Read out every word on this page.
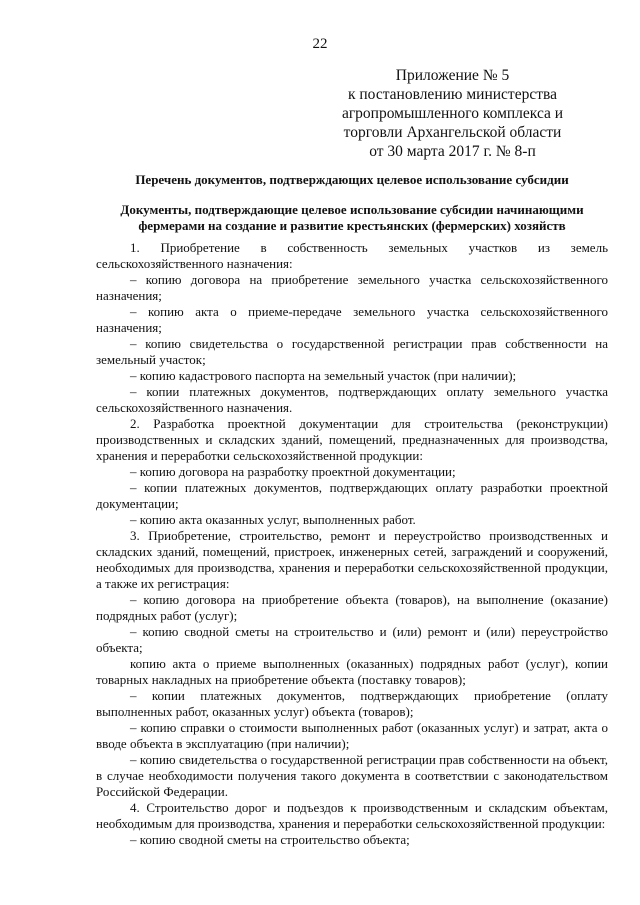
22
Приложение № 5
к постановлению министерства
агропромышленного комплекса и
торговли Архангельской области
от 30 марта 2017 г. № 8-п
Перечень документов, подтверждающих целевое использование субсидии
Документы, подтверждающие целевое использование субсидии начинающими фермерами на создание и развитие крестьянских (фермерских) хозяйств

1. Приобретение в собственность земельных участков из земель сельскохозяйственного назначения:

– копию договора на приобретение земельного участка сельскохозяйственного назначения;

– копию акта о приеме-передаче земельного участка сельскохозяйственного назначения;

– копию свидетельства о государственной регистрации прав собственности на земельный участок;

– копию кадастрового паспорта на земельный участок (при наличии);

– копии платежных документов, подтверждающих оплату земельного участка сельскохозяйственного назначения.

2. Разработка проектной документации для строительства (реконструкции) производственных и складских зданий, помещений, предназначенных для производства, хранения и переработки сельскохозяйственной продукции:

– копию договора на разработку проектной документации;

– копии платежных документов, подтверждающих оплату разработки проектной документации;

– копию акта оказанных услуг, выполненных работ.

3. Приобретение, строительство, ремонт и переустройство производственных и складских зданий, помещений, пристроек, инженерных сетей, заграждений и сооружений, необходимых для производства, хранения и переработки сельскохозяйственной продукции, а также их регистрация:

– копию договора на приобретение объекта (товаров), на выполнение (оказание) подрядных работ (услуг);

– копию сводной сметы на строительство и (или) ремонт и (или) переустройство объекта;

копию акта о приеме выполненных (оказанных) подрядных работ (услуг), копии товарных накладных на приобретение объекта (поставку товаров);

– копии платежных документов, подтверждающих приобретение (оплату выполненных работ, оказанных услуг) объекта (товаров);

– копию справки о стоимости выполненных работ (оказанных услуг) и затрат, акта о вводе объекта в эксплуатацию (при наличии);

– копию свидетельства о государственной регистрации прав собственности на объект, в случае необходимости получения такого документа в соответствии с законодательством Российской Федерации.

4. Строительство дорог и подъездов к производственным и складским объектам, необходимым для производства, хранения и переработки сельскохозяйственной продукции:

– копию сводной сметы на строительство объекта;
